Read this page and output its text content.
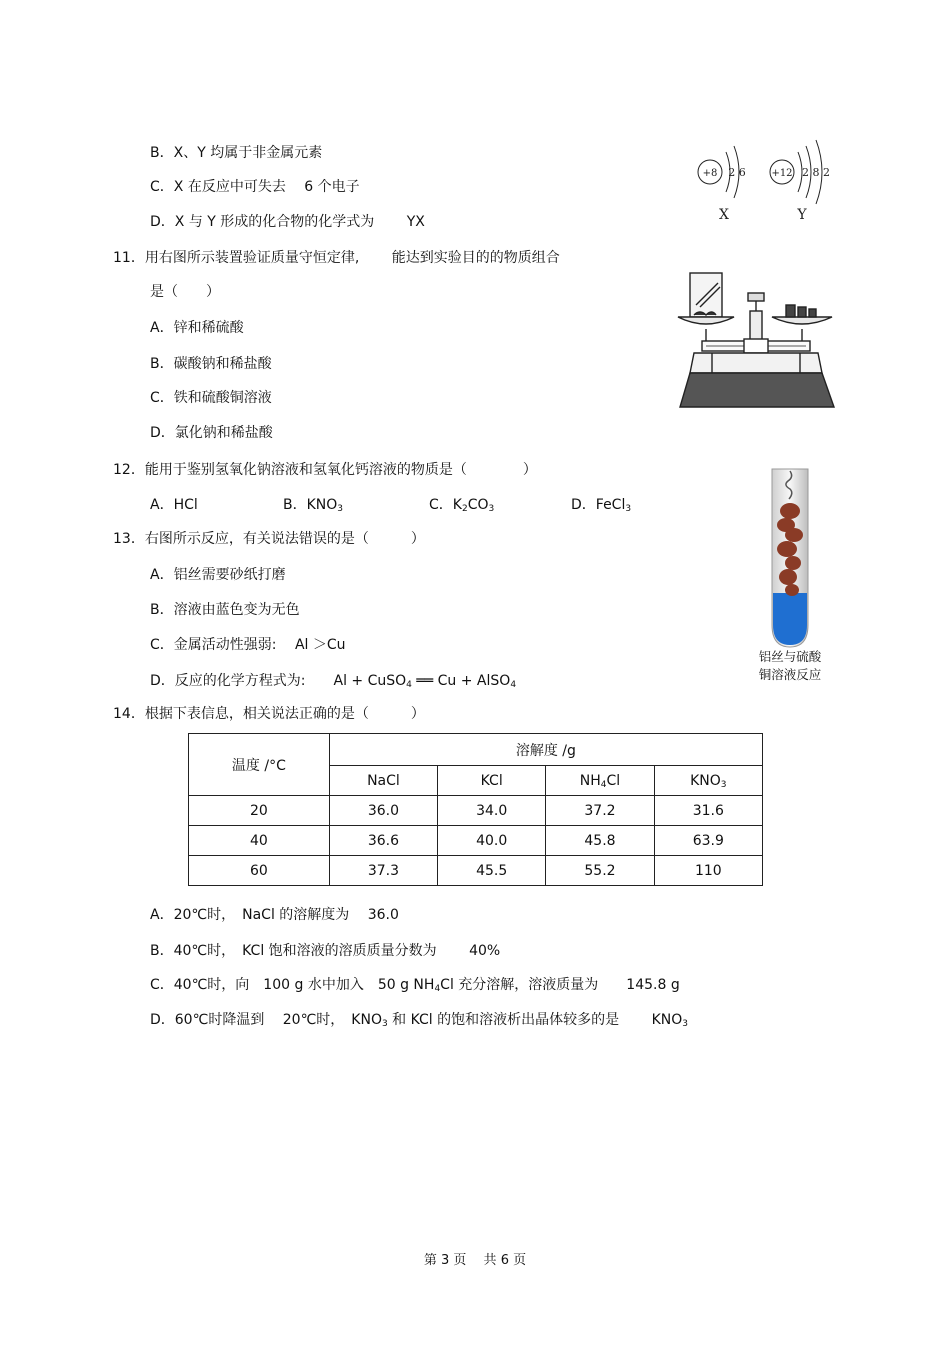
B．X、Y 均属于非金属元素
C．X 在反应中可失去　 6 个电子
D．X 与 Y 形成的化合物的化学式为　　 YX
+8 2 6
X
+12 2 8 2
Y
11．用右图所示装置验证质量守恒定律,　　 能达到实验目的的物质组合
是（　　）
A．锌和稀硫酸
B．碳酸钠和稀盐酸
C．铁和硫酸铜溶液
D．氯化钠和稀盐酸
12．能用于鉴别氢氧化钠溶液和氢氧化钙溶液的物质是（　　　　）
A．HCl	B．$KNO_3$	C．$K_2CO_3$	D．FeCl$_3$
铝丝与硫酸
铜溶液反应
13．右图所示反应，有关说法错误的是（　　　）
A．铝丝需要砂纸打磨
B．溶液由蓝色变为无色
C．金属活动性强弱:　 Al ＞Cu
D．反应的化学方程式为:　　Al + CuSO$_4$ ══ Cu + AlSO$_4$
14．根据下表信息，相关说法正确的是（　　　）
温度 /°C	溶解度 /g			
	NaCl	KCl	$NH_4Cl$	$KNO_3$
20	36.0	34.0	37.2	31.6
40	36.6	40.0	45.8	63.9
60	37.3	45.5	55.2	110
A．20℃时，　NaCl 的溶解度为　 36.0
B．40℃时，　KCl 饱和溶液的溶质质量分数为　　 40%
C．40℃时，向　100 g 水中加入　50 g $NH_4Cl$ 充分溶解，溶液质量为　　145.8 g
D．60℃时降温到　 20℃时，　$KNO_3$ 和 KCl 的饱和溶液析出晶体较多的是　　 $KNO_3$
第 3 页　 共 6 页
